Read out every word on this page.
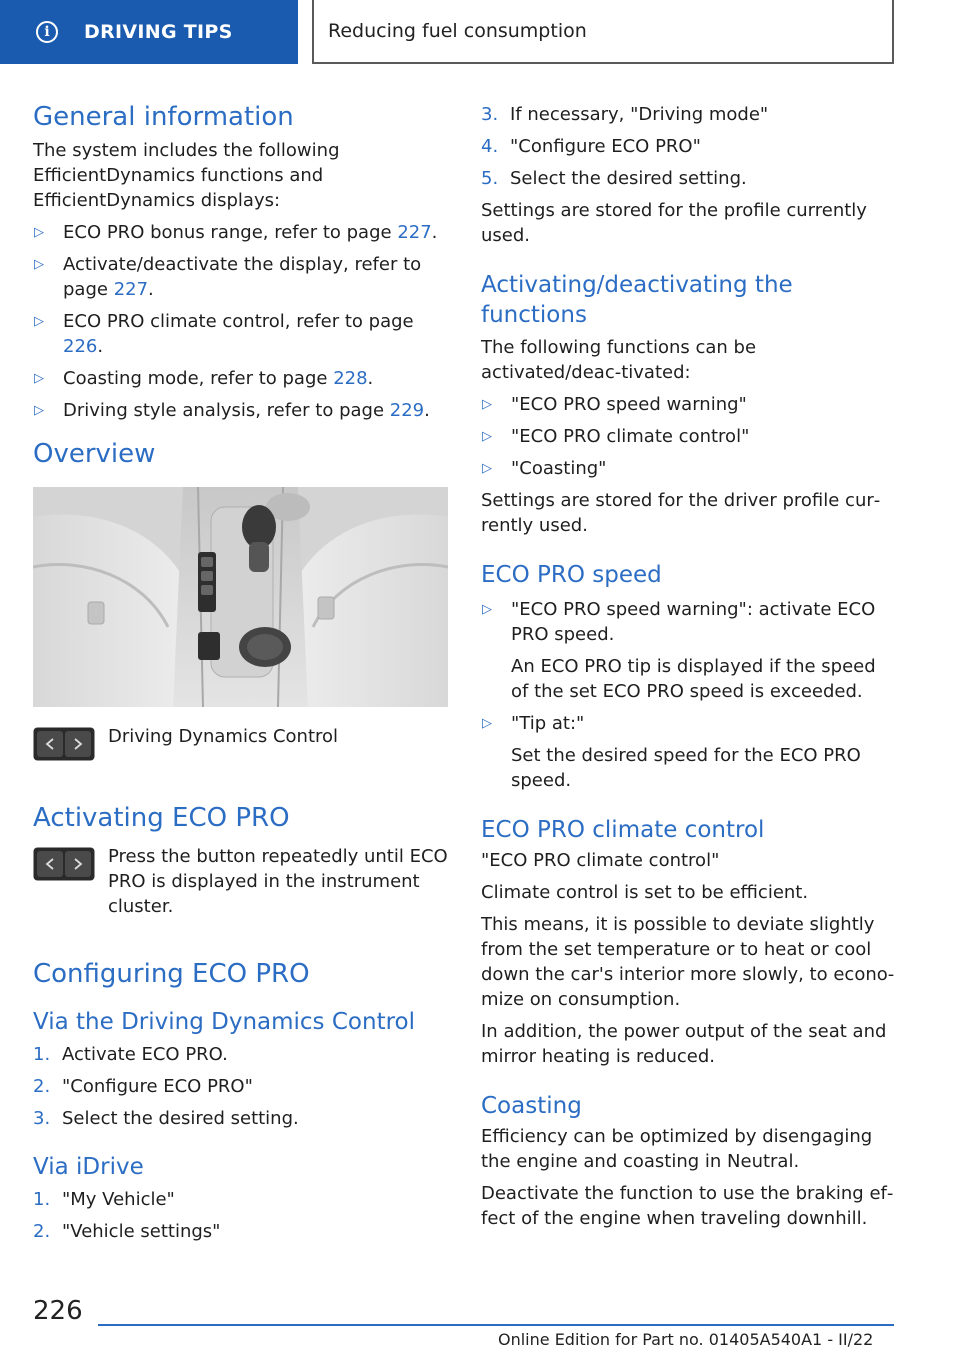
i	DRIVING TIPS	Reducing fuel consumption
General information

The system includes the following EfficientDynamics functions and EfficientDynamics displays:

▷	ECO PRO bonus range, refer to page 227.
▷	Activate/deactivate the display, refer to page 227.
▷	ECO PRO climate control, refer to page 226.
▷	Coasting mode, refer to page 228.
▷	Driving style analysis, refer to page 229.
Overview

Driving Dynamics Control

Activating ECO PRO

Press the button repeatedly until ECO PRO is displayed in the instrument cluster.

Configuring ECO PRO
Via the Driving Dynamics Control
1. Activate ECO PRO.
2. "Configure ECO PRO"
3. Select the desired setting.
Via iDrive
1. "My Vehicle"
2. "Vehicle settings"
3. If necessary, "Driving mode"
4. "Configure ECO PRO"
5. Select the desired setting.

Settings are stored for the profile currently used.

Activating/deactivating the functions

The following functions can be activated/deac‐tivated:

▷	"ECO PRO speed warning"
▷	"ECO PRO climate control"
▷	"Coasting"

Settings are stored for the driver profile cur‐rently used.

ECO PRO speed
▷	"ECO PRO speed warning": activate ECO PRO speed.
An ECO PRO tip is displayed if the speed of the set ECO PRO speed is exceeded.
▷	"Tip at:"
Set the desired speed for the ECO PRO speed.
ECO PRO climate control

"ECO PRO climate control"

Climate control is set to be efficient.

This means, it is possible to deviate slightly from the set temperature or to heat or cool down the car's interior more slowly, to econo‐mize on consumption.

In addition, the power output of the seat and mirror heating is reduced.

Coasting

Efficiency can be optimized by disengaging the engine and coasting in Neutral.

Deactivate the function to use the braking ef‐fect of the engine when traveling downhill.

226
Online Edition for Part no. 01405A540A1 - II/22
